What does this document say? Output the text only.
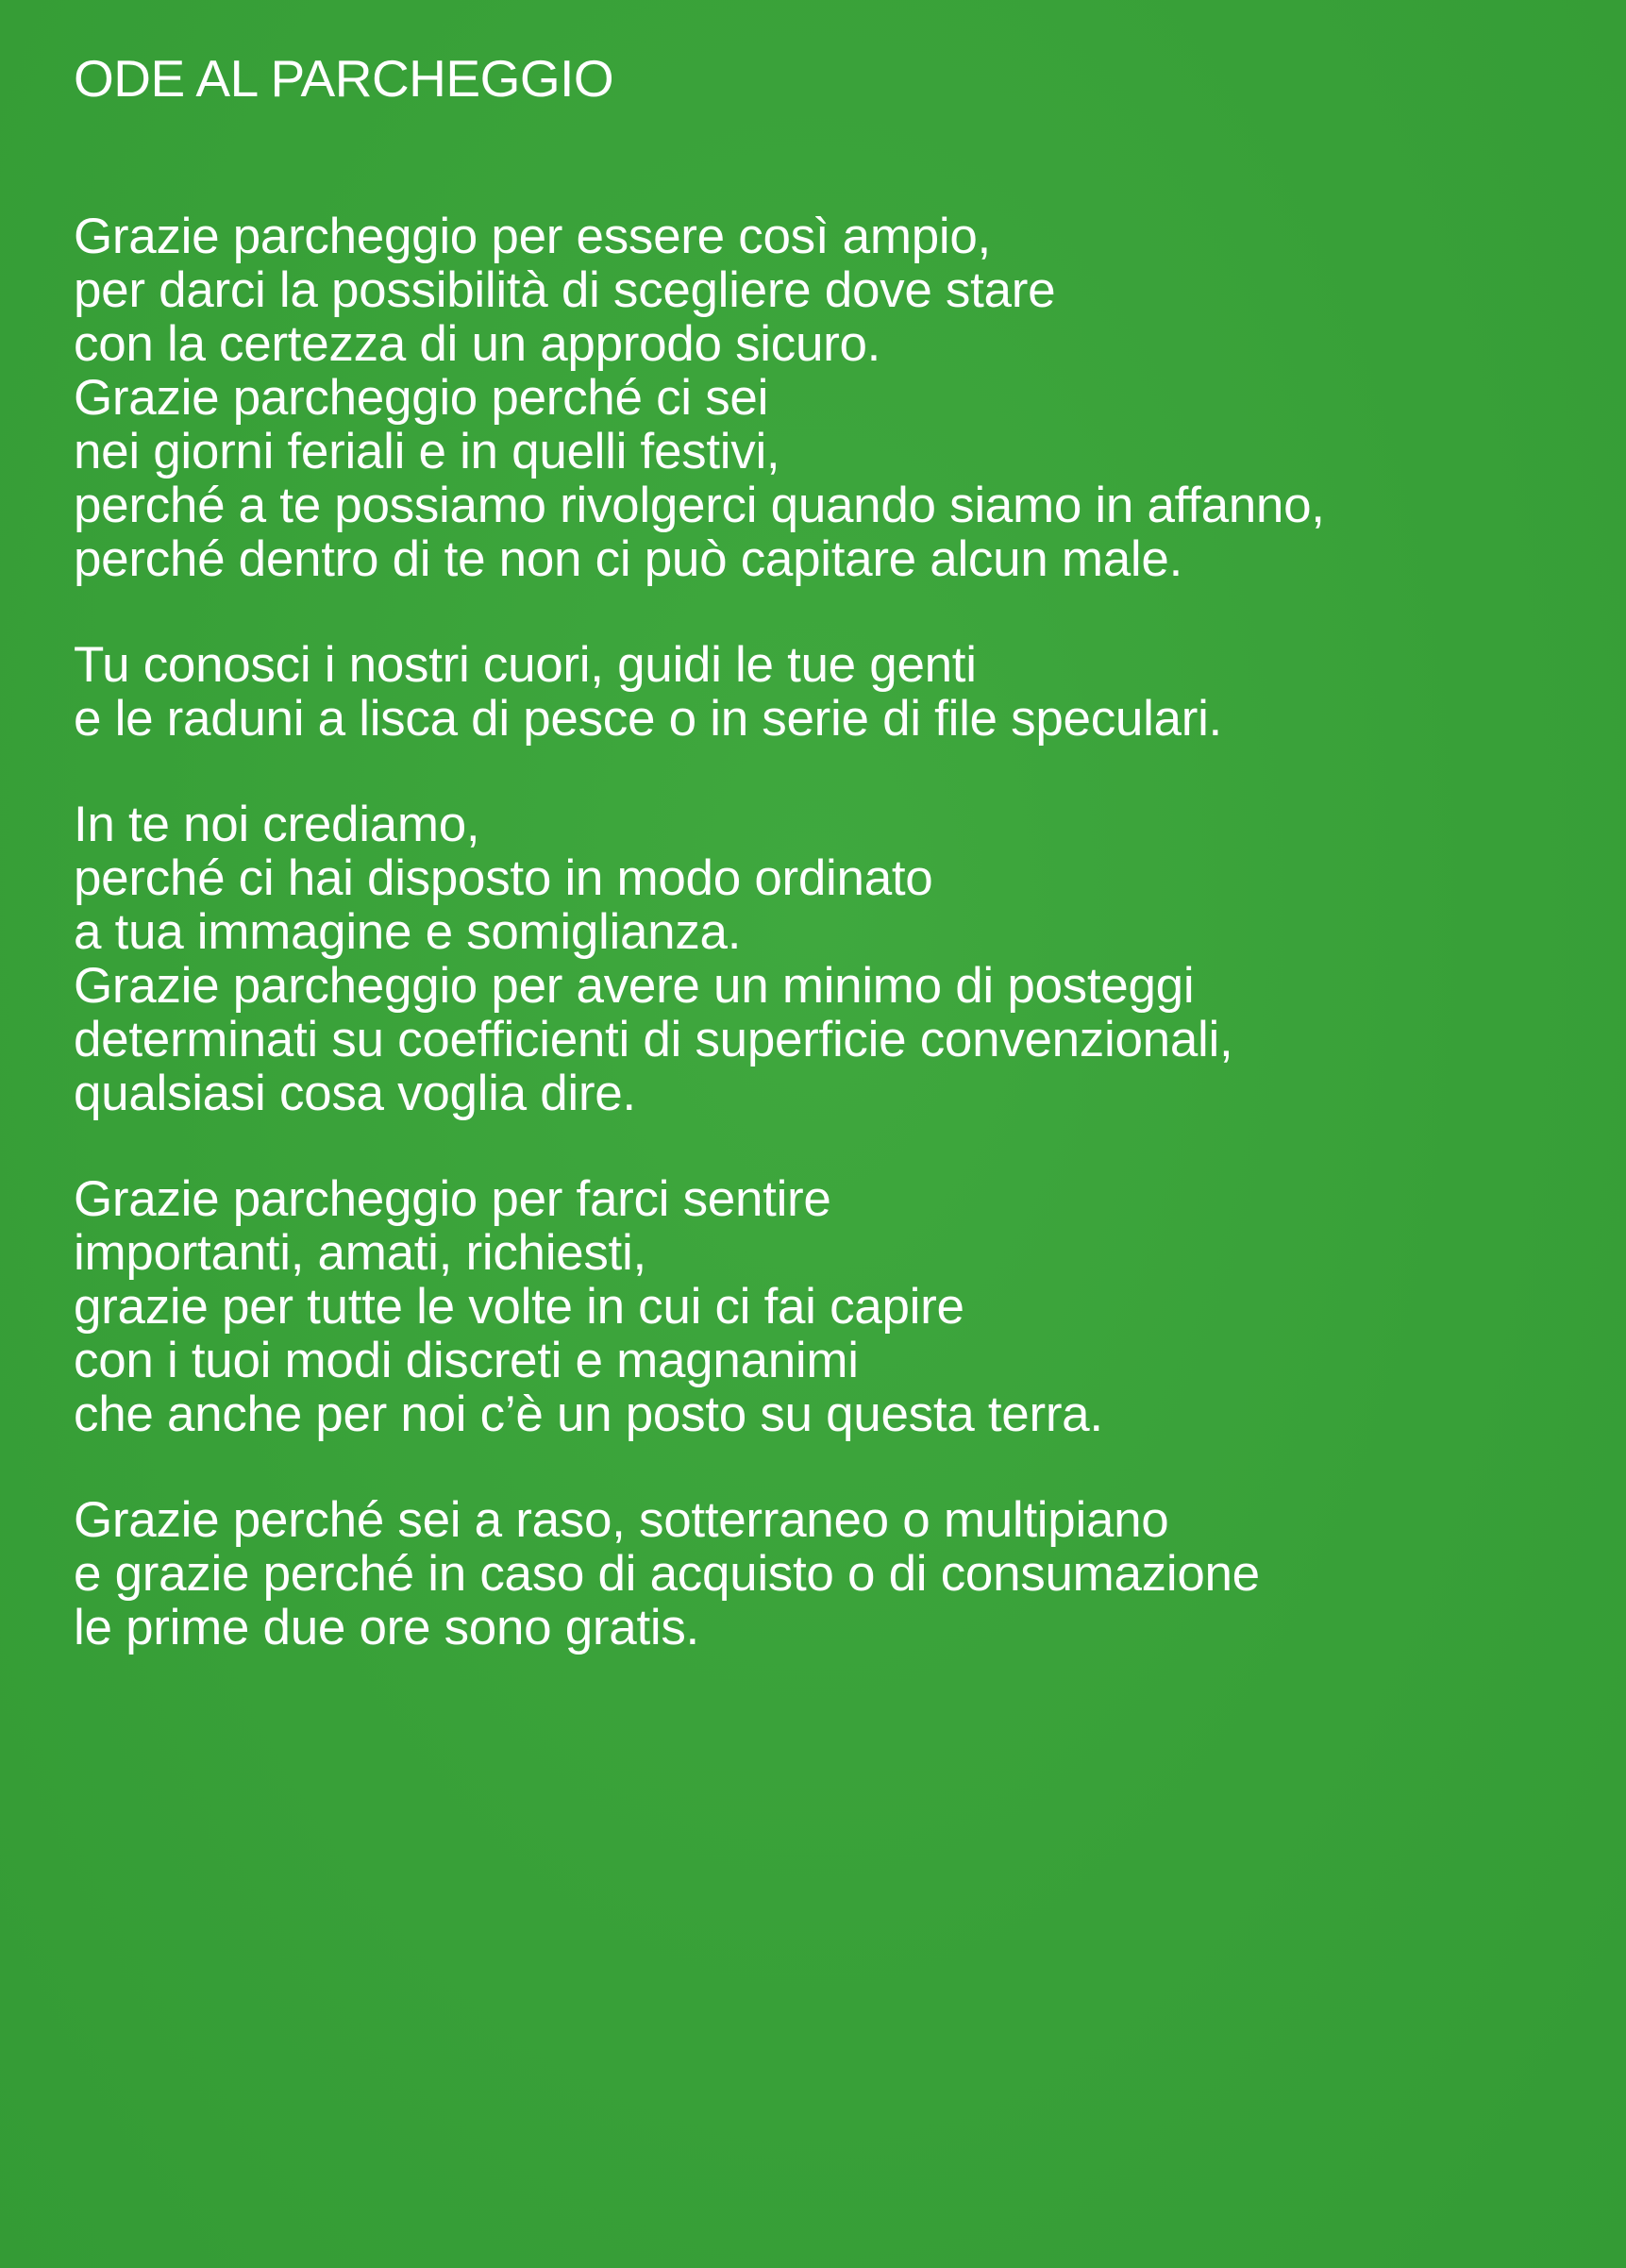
ODE AL PARCHEGGIO
Grazie parcheggio per essere così ampio,
per darci la possibilità di scegliere dove stare
con la certezza di un approdo sicuro.
Grazie parcheggio perché ci sei
nei giorni feriali e in quelli festivi,
perché a te possiamo rivolgerci quando siamo in affanno,
perché dentro di te non ci può capitare alcun male.
Tu conosci i nostri cuori, guidi le tue genti
e le raduni a lisca di pesce o in serie di file speculari.
In te noi crediamo,
perché ci hai disposto in modo ordinato
a tua immagine e somiglianza.
Grazie parcheggio per avere un minimo di posteggi
determinati su coefficienti di superficie convenzionali,
qualsiasi cosa voglia dire.
Grazie parcheggio per farci sentire
importanti, amati, richiesti,
grazie per tutte le volte in cui ci fai capire
con i tuoi modi discreti e magnanimi
che anche per noi c’è un posto su questa terra.
Grazie perché sei a raso, sotterraneo o multipiano
e grazie perché in caso di acquisto o di consumazione
le prime due ore sono gratis.
